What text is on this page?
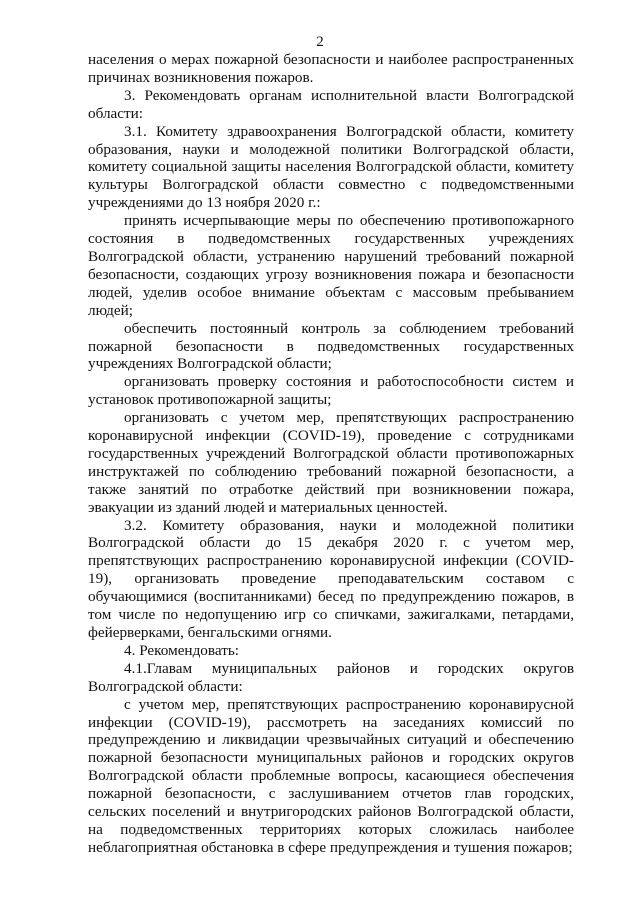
2

населения о мерах пожарной безопасности и наиболее распространенных причинах возникновения пожаров.

3. Рекомендовать органам исполнительной власти Волгоградской области:

3.1. Комитету здравоохранения Волгоградской области, комитету образования, науки и молодежной политики Волгоградской области, комитету социальной защиты населения Волгоградской области, комитету культуры Волгоградской области совместно с подведомственными учреждениями до 13 ноября 2020 г.:

принять исчерпывающие меры по обеспечению противопожарного состояния в подведомственных государственных учреждениях Волгоградской области, устранению нарушений требований пожарной безопасности, создающих угрозу возникновения пожара и безопасности людей, уделив особое внимание объектам с массовым пребыванием людей;

обеспечить постоянный контроль за соблюдением требований пожарной безопасности в подведомственных государственных учреждениях Волгоградской области;

организовать проверку состояния и работоспособности систем и установок противопожарной защиты;

организовать с учетом мер, препятствующих распространению коронавирусной инфекции (COVID-19), проведение с сотрудниками государственных учреждений Волгоградской области противопожарных инструктажей по соблюдению требований пожарной безопасности, а также занятий по отработке действий при возникновении пожара, эвакуации из зданий людей и материальных ценностей.

3.2. Комитету образования, науки и молодежной политики Волгоградской области до 15 декабря 2020 г. с учетом мер, препятствующих распространению коронавирусной инфекции (COVID-19), организовать проведение преподавательским составом с обучающимися (воспитанниками) бесед по предупреждению пожаров, в том числе по недопущению игр со спичками, зажигалками, петардами, фейерверками, бенгальскими огнями.

4. Рекомендовать:

4.1.Главам муниципальных районов и городских округов Волгоградской области:

с учетом мер, препятствующих распространению коронавирусной инфекции (COVID-19), рассмотреть на заседаниях комиссий по предупреждению и ликвидации чрезвычайных ситуаций и обеспечению пожарной безопасности муниципальных районов и городских округов Волгоградской области проблемные вопросы, касающиеся обеспечения пожарной безопасности, с заслушиванием отчетов глав городских, сельских поселений и внутригородских районов Волгоградской области, на подведомственных территориях которых сложилась наиболее неблагоприятная обстановка в сфере предупреждения и тушения пожаров;
